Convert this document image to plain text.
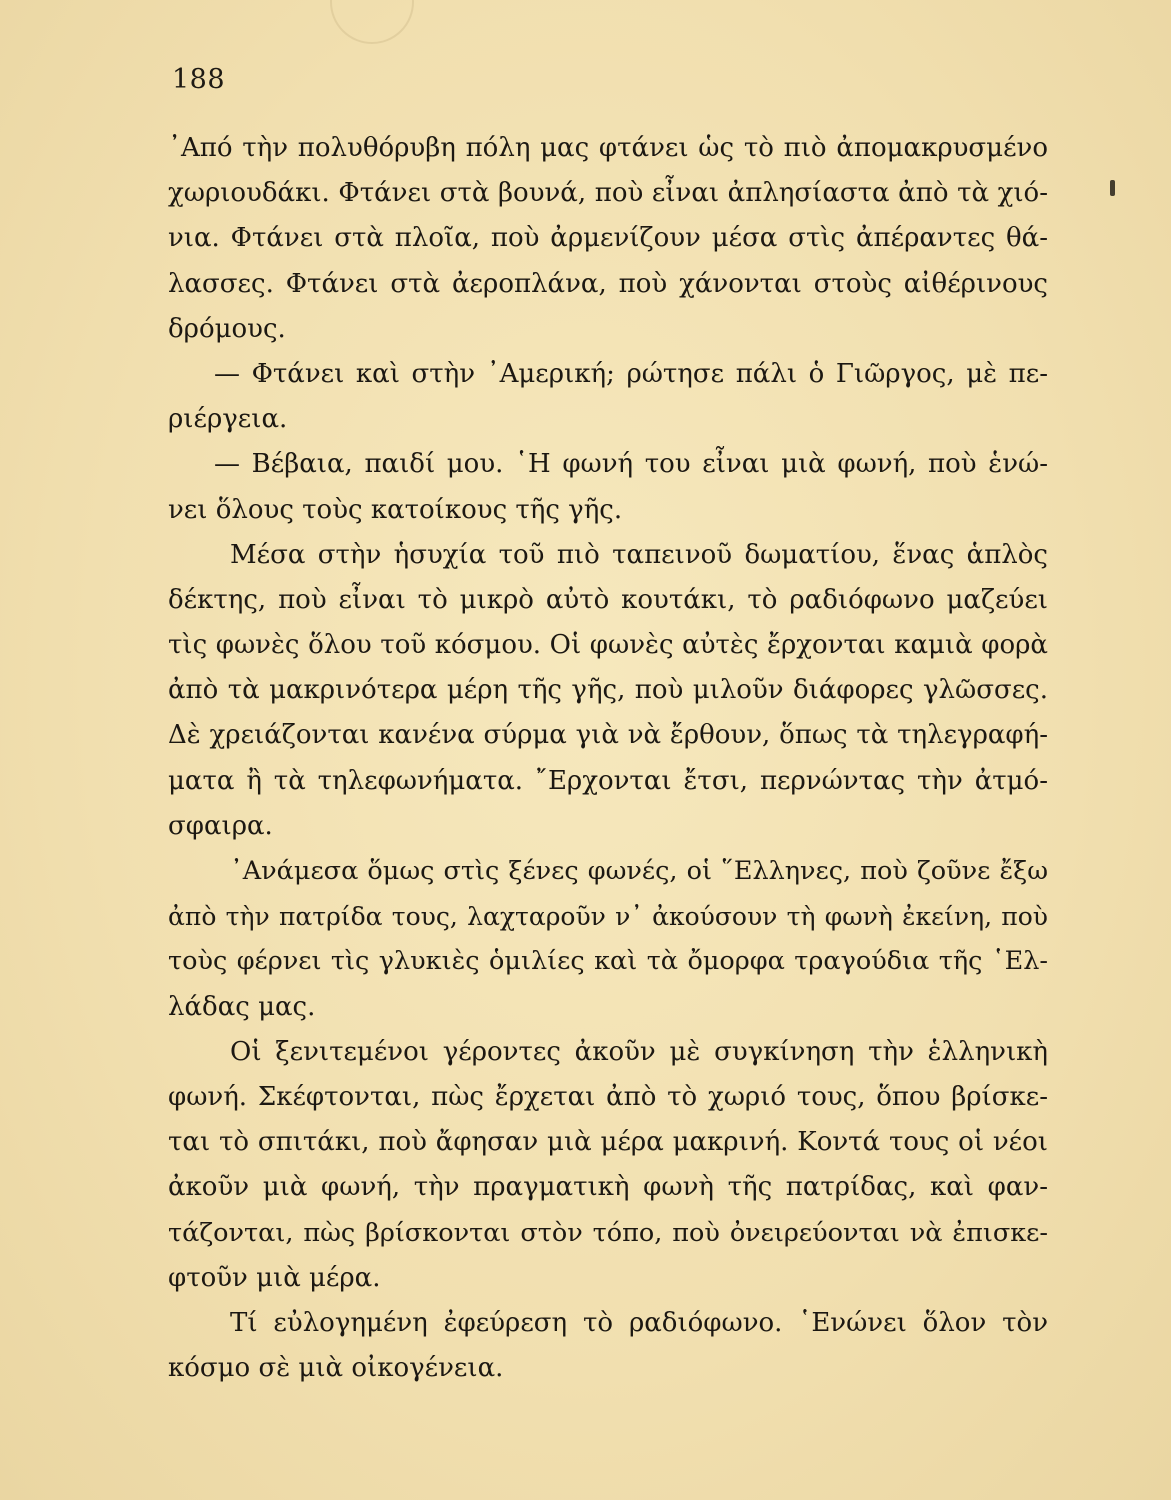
188
᾿Από τὴν πολυθόρυβη πόλη μας φτάνει ὡς τὸ πιὸ ἀπομακρυσμένο
χωριουδάκι. Φτάνει στὰ βουνά, ποὺ εἶναι ἀπλησίαστα ἀπὸ τὰ χιό-
νια. Φτάνει στὰ πλοῖα, ποὺ ἀρμενίζουν μέσα στὶς ἀπέραντες θά-
λασσες. Φτάνει στὰ ἀεροπλάνα, ποὺ χάνονται στοὺς αἰθέρινους
δρόμους.
— Φτάνει καὶ στὴν ᾿Αμερική; ρώτησε πάλι ὁ Γιῶργος, μὲ πε-
ριέργεια.
— Βέβαια, παιδί μου. ῾Η φωνή του εἶναι μιὰ φωνή, ποὺ ἑνώ-
νει ὅλους τοὺς κατοίκους τῆς γῆς.
Μέσα στὴν ἡσυχία τοῦ πιὸ ταπεινοῦ δωματίου, ἕνας ἁπλὸς
δέκτης, ποὺ εἶναι τὸ μικρὸ αὐτὸ κουτάκι, τὸ ραδιόφωνο μαζεύει
τὶς φωνὲς ὅλου τοῦ κόσμου. Οἱ φωνὲς αὐτὲς ἔρχονται καμιὰ φορὰ
ἀπὸ τὰ μακρινότερα μέρη τῆς γῆς, ποὺ μιλοῦν διάφορες γλῶσσες.
Δὲ χρειάζονται κανένα σύρμα γιὰ νὰ ἔρθουν, ὅπως τὰ τηλεγραφή-
ματα ἢ τὰ τηλεφωνήματα. ῎Ερχονται ἔτσι, περνώντας τὴν ἀτμό-
σφαιρα.
᾿Ανάμεσα ὅμως στὶς ξένες φωνές, οἱ ῞Ελληνες, ποὺ ζοῦνε ἔξω
ἀπὸ τὴν πατρίδα τους, λαχταροῦν ν᾿ ἀκούσουν τὴ φωνὴ ἐκείνη, ποὺ
τοὺς φέρνει τὶς γλυκιὲς ὁμιλίες καὶ τὰ ὄμορφα τραγούδια τῆς ῾Ελ-
λάδας μας.
Οἱ ξενιτεμένοι γέροντες ἀκοῦν μὲ συγκίνηση τὴν ἑλληνικὴ
φωνή. Σκέφτονται, πὼς ἔρχεται ἀπὸ τὸ χωριό τους, ὅπου βρίσκε-
ται τὸ σπιτάκι, ποὺ ἄφησαν μιὰ μέρα μακρινή. Κοντά τους οἱ νέοι
ἀκοῦν μιὰ φωνή, τὴν πραγματικὴ φωνὴ τῆς πατρίδας, καὶ φαν-
τάζονται, πὼς βρίσκονται στὸν τόπο, ποὺ ὀνειρεύονται νὰ ἐπισκε-
φτοῦν μιὰ μέρα.
Τί εὐλογημένη ἐφεύρεση τὸ ραδιόφωνο. ῾Ενώνει ὅλον τὸν
κόσμο σὲ μιὰ οἰκογένεια.
